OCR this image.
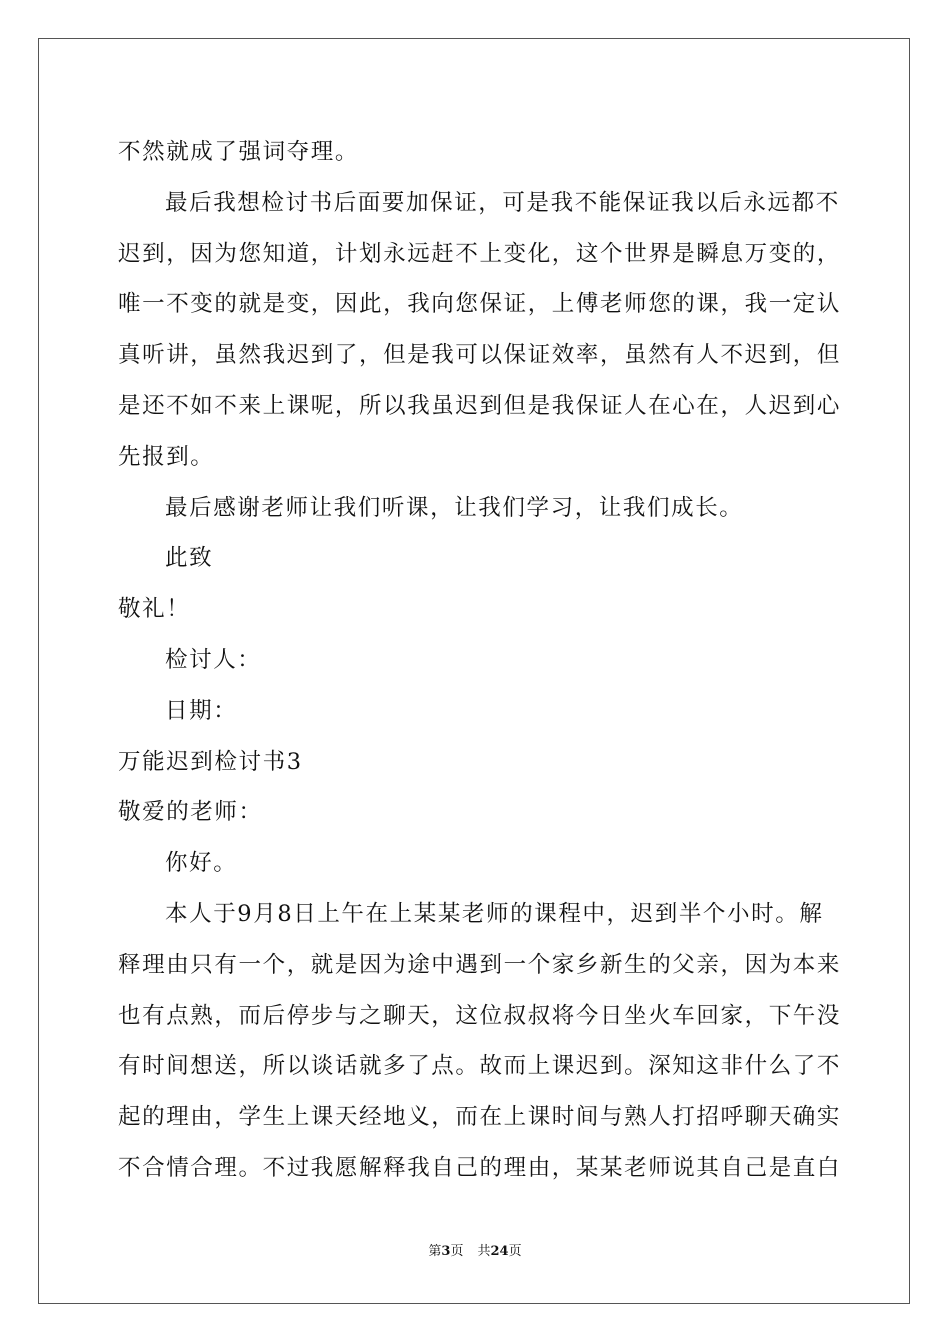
不然就成了强词夺理。
最后我想检讨书后面要加保证，可是我不能保证我以后永远都不
迟到，因为您知道，计划永远赶不上变化，这个世界是瞬息万变的，
唯一不变的就是变，因此，我向您保证，上傅老师您的课，我一定认
真听讲，虽然我迟到了，但是我可以保证效率，虽然有人不迟到，但
是还不如不来上课呢，所以我虽迟到但是我保证人在心在，人迟到心
先报到。
最后感谢老师让我们听课，让我们学习，让我们成长。
此致
敬礼！
检讨人：
日期：
万能迟到检讨书3
敬爱的老师：
你好。
本人于9月8日上午在上某某老师的课程中，迟到半个小时。解
释理由只有一个，就是因为途中遇到一个家乡新生的父亲，因为本来
也有点熟，而后停步与之聊天，这位叔叔将今日坐火车回家，下午没
有时间想送，所以谈话就多了点。故而上课迟到。深知这非什么了不
起的理由，学生上课天经地义，而在上课时间与熟人打招呼聊天确实
不合情合理。不过我愿解释我自己的理由，某某老师说其自己是直白
第3页 共24页
